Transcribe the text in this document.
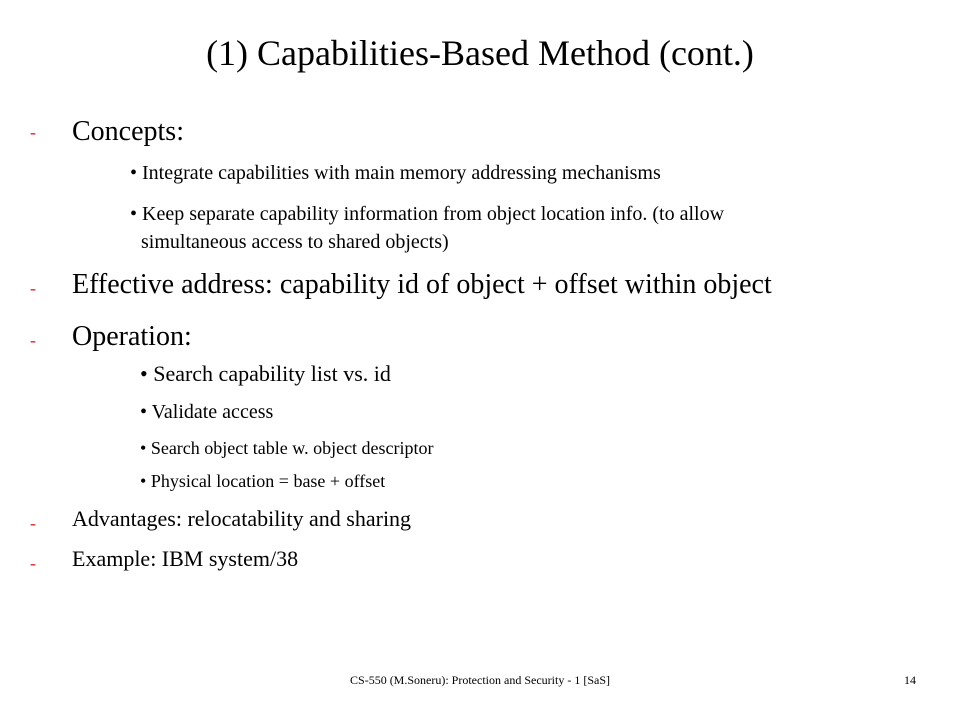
(1) Capabilities-Based Method (cont.)
- Concepts:
• Integrate capabilities with main memory addressing mechanisms
• Keep separate capability information from object location info. (to allow
simultaneous access to shared objects)
- Effective address: capability id of object + offset within object
- Operation:
• Search capability list vs. id
• Validate access
• Search object table w. object descriptor
• Physical location = base + offset
- Advantages: relocatability and sharing
- Example: IBM system/38
CS-550 (M.Soneru): Protection and Security - 1 [SaS]	14
